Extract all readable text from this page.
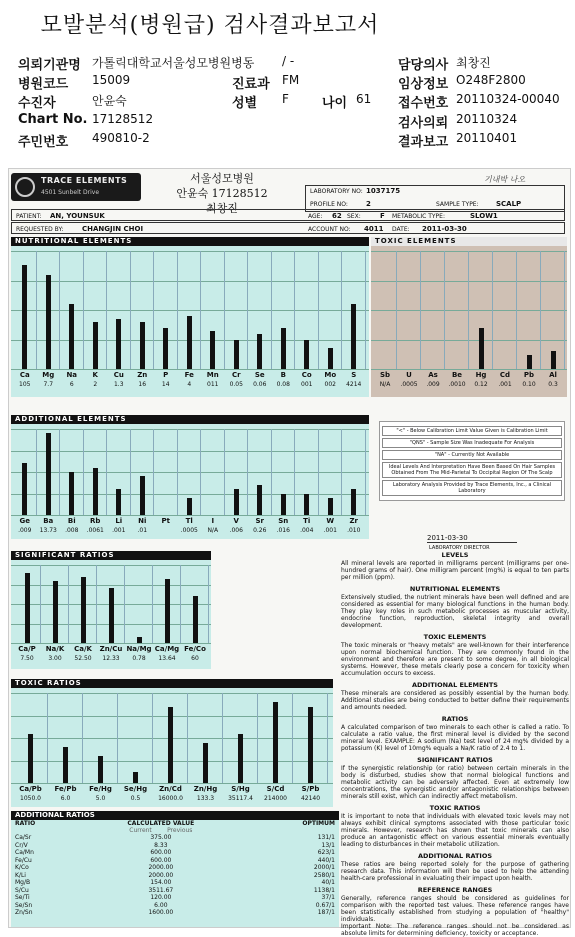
모발분석(병원급) 검사결과보고서
의뢰기관명 가톨릭대학교서울성모병원병동 / -	담당의사 최창진
병원코드 15009	진료과 FM	임상정보 O248F2800
수진자	안윤숙	성별 F	나이 61 접수번호 20110324-00040
Chart No. 17128512	검사의뢰 20110324
주민번호 490810-2	결과보고 20110401
TRACE ELEMENTS
4501 Sunbelt Drive
서울성모병원
안윤숙 17128512
최창진
기내박 나오
LABORATORY NO: 1037175
PROFILE NO:	2	SAMPLE TYPE: SCALP
PATIENT: AN, YOUNSUK	AGE: 62 SEX:	F METABOLIC TYPE:	SLOW1
REQUESTED BY:	CHANGJIN CHOI	ACCOUNT NO: 4011 DATE: 2011-03-30
NUTRITIONAL ELEMENTS
Ca
105
Mg
7.7
Na
6
K
2
Cu
1.3
Zn
16
P
14
Fe
4
Mn
011
Cr
0.05
Se
0.06
B
0.08
Co
001
Mo
002
S
4214
TOXIC ELEMENTS
Sb
N/A
U
.0005
As
.009
Be
.0010
Hg
0.12
Cd
.001
Pb
0.10
Al
0.3
ADDITIONAL ELEMENTS
Ge
.009
Ba
13.73
Bi
.008
Rb
.0061
Li
.001
Ni
.01
Pt	Tl
.0005
I
N/A
V
.006
Sr
0.26
Sn
.016
Ti
.004
W
.001
Zr
.010
"<" - Below Calibration Limit Value Given is Calibration Limit
"QNS" - Sample Size Was Inadequate For Analysis
"NA" - Currently Not Available
Ideal Levels And Interpretation Have Been Based On Hair Samples Obtained From The Mid-Parietal To Occipital Region Of The Scalp
Laboratory Analysis Provided by Trace Elements, Inc., a Clinical Laboratory
2011-03-30
LABORATORY DIRECTOR
SIGNIFICANT RATIOS
Ca/P
7.50
Na/K
3.00
Ca/K
52.50
Zn/Cu
12.33
Na/Mg
0.78
Ca/Mg
13.64
Fe/Co
60
TOXIC RATIOS
Ca/Pb
1050.0
Fe/Pb
6.0
Fe/Hg
5.0
Se/Hg
0.5
Zn/Cd
16000.0
Zn/Hg
133.3
S/Hg
35117.4
S/Cd
214000
S/Pb
42140
ADDITIONAL RATIOS
RATIO	CALCULATED VALUE	OPTIMUM
	Current Previous	
Ca/Sr	375.00	131/1
Cr/V	8.33	13/1
Ca/Mn	600.00	623/1
Fe/Cu	600.00	440/1
K/Co	2000.00	2000/1
K/Li	2000.00	2580/1
Mg/B	154.00	40/1
S/Cu	3511.67	1138/1
Se/Ti	120.00	37/1
Se/Sn	6.00	0.67/1
Zn/Sn	1600.00	187/1
LEVELS

All mineral levels are reported in milligrams percent (milligrams per one-hundred grams of hair). One milligram percent (mg%) is equal to ten parts per million (ppm).

NUTRITIONAL ELEMENTS

Extensively studied, the nutrient minerals have been well defined and are considered as essential for many biological functions in the human body. They play key roles in such metabolic processes as muscular activity, endocrine function, reproduction, skeletal integrity and overall development.

TOXIC ELEMENTS

The toxic minerals or "heavy metals" are well-known for their interference upon normal biochemical function. They are commonly found in the environment and therefore are present to some degree, in all biological systems. However, these metals clearly pose a concern for toxicity when accumulation occurs to excess.

ADDITIONAL ELEMENTS

These minerals are considered as possibly essential by the human body. Additional studies are being conducted to better define their requirements and amounts needed.

RATIOS

A calculated comparison of two minerals to each other is called a ratio. To calculate a ratio value, the first mineral level is divided by the second mineral level. EXAMPLE: A sodium (Na) test level of 24 mg% divided by a potassium (K) level of 10mg% equals a Na/K ratio of 2.4 to 1.

SIGNIFICANT RATIOS

If the synergistic relationship (or ratio) between certain minerals in the body is disturbed, studies show that normal biological functions and metabolic activity can be adversely affected. Even at extremely low concentrations, the synergistic and/or antagonistic relationships between minerals still exist, which can indirectly affect metabolism.

TOXIC RATIOS

It is important to note that individuals with elevated toxic levels may not always exhibit clinical symptoms associated with those particular toxic minerals. However, research has shown that toxic minerals can also produce an antagonistic effect on various essential minerals eventually leading to disturbances in their metabolic utilization.

ADDITIONAL RATIOS

These ratios are being reported solely for the purpose of gathering research data. This information will then be used to help the attending health-care professional in evaluating their impact upon health.

REFERENCE RANGES

Generally, reference ranges should be considered as guidelines for comparison with the reported test values. These reference ranges have been statistically established from studying a population of "healthy" individuals.

Important Note: The reference ranges should not be considered as absolute limits for determining deficiency, toxicity or acceptance.
